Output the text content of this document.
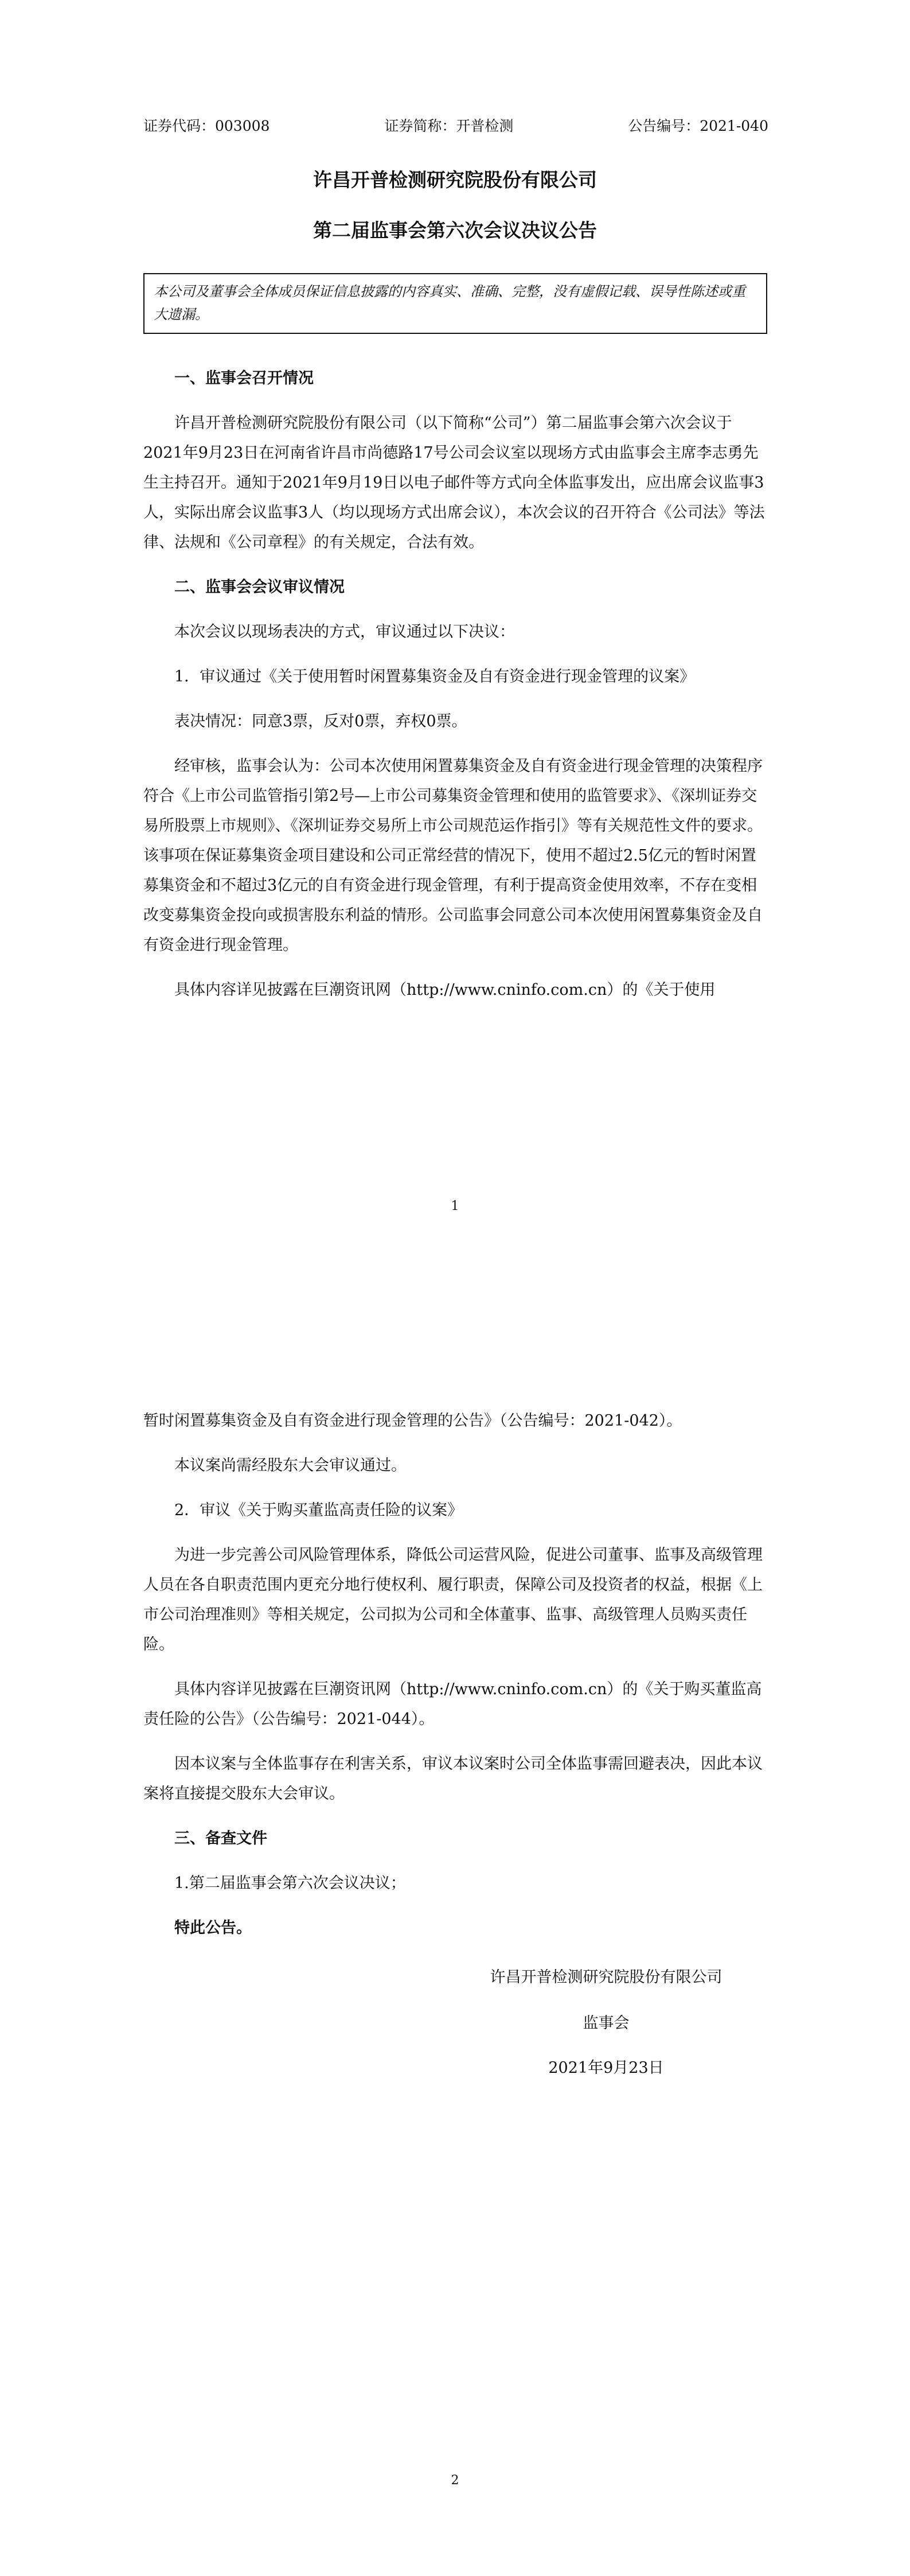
证券代码：003008	证券简称：开普检测	公告编号：2021-040
许昌开普检测研究院股份有限公司
第二届监事会第六次会议决议公告
本公司及董事会全体成员保证信息披露的内容真实、准确、完整，没有虚假记载、误导性陈述或重大遗漏。

一、监事会召开情况

许昌开普检测研究院股份有限公司（以下简称“公司”）第二届监事会第六次会议于2021年9月23日在河南省许昌市尚德路17号公司会议室以现场方式由监事会主席李志勇先生主持召开。通知于2021年9月19日以电子邮件等方式向全体监事发出，应出席会议监事3人，实际出席会议监事3人（均以现场方式出席会议），本次会议的召开符合《公司法》等法律、法规和《公司章程》的有关规定，合法有效。

二、监事会会议审议情况

本次会议以现场表决的方式，审议通过以下决议：

1．审议通过《关于使用暂时闲置募集资金及自有资金进行现金管理的议案》

表决情况：同意3票，反对0票，弃权0票。

经审核，监事会认为：公司本次使用闲置募集资金及自有资金进行现金管理的决策程序符合《上市公司监管指引第2号—上市公司募集资金管理和使用的监管要求》、《深圳证券交易所股票上市规则》、《深圳证券交易所上市公司规范运作指引》等有关规范性文件的要求。该事项在保证募集资金项目建设和公司正常经营的情况下，使用不超过2.5亿元的暂时闲置募集资金和不超过3亿元的自有资金进行现金管理，有利于提高资金使用效率，不存在变相改变募集资金投向或损害股东利益的情形。公司监事会同意公司本次使用闲置募集资金及自有资金进行现金管理。

具体内容详见披露在巨潮资讯网（http://www.cninfo.com.cn）的《关于使用

1

暂时闲置募集资金及自有资金进行现金管理的公告》（公告编号：2021-042）。

本议案尚需经股东大会审议通过。

2．审议《关于购买董监高责任险的议案》

为进一步完善公司风险管理体系，降低公司运营风险，促进公司董事、监事及高级管理人员在各自职责范围内更充分地行使权利、履行职责，保障公司及投资者的权益，根据《上市公司治理准则》等相关规定，公司拟为公司和全体董事、监事、高级管理人员购买责任险。

具体内容详见披露在巨潮资讯网（http://www.cninfo.com.cn）的《关于购买董监高责任险的公告》（公告编号：2021-044）。

因本议案与全体监事存在利害关系，审议本议案时公司全体监事需回避表决，因此本议案将直接提交股东大会审议。

三、备查文件

1.第二届监事会第六次会议决议；

特此公告。

许昌开普检测研究院股份有限公司
监事会
2021年9月23日
2
